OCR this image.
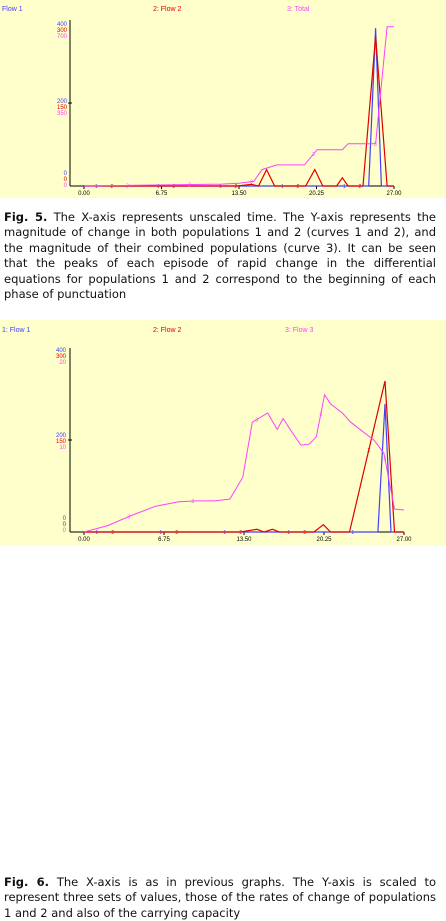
Flow 1	2: Flow 2	3: Total
400
300
700
200
150
350
0
0
0
0.00	6.75	13.50	20.25	27.00
1	1	1	1	1
2	2	2	2	2
3	3	3
3
3
Fig. 5. The X-axis represents unscaled time. The Y-axis represents the magnitude of change in both populations 1 and 2 (curves 1 and 2), and the magnitude of their combined populations (curve 3). It can be seen that the peaks of each episode of rapid change in the differential equations for populations 1 and 2 correspond to the beginning of each phase of punctuation
1: Flow 1	2: Flow 2	3: Flow 3
400
300
20
200
150
10
0
0
0
0.00	6.75	13.50	20.25	27.00
1	1	1	1	1
2	2	2	2
2
3
3
3
3
3
Fig. 6. The X-axis is as in previous graphs. The Y-axis is scaled to represent three sets of values, those of the rates of change of populations 1 and 2 and also of the carrying capacity
